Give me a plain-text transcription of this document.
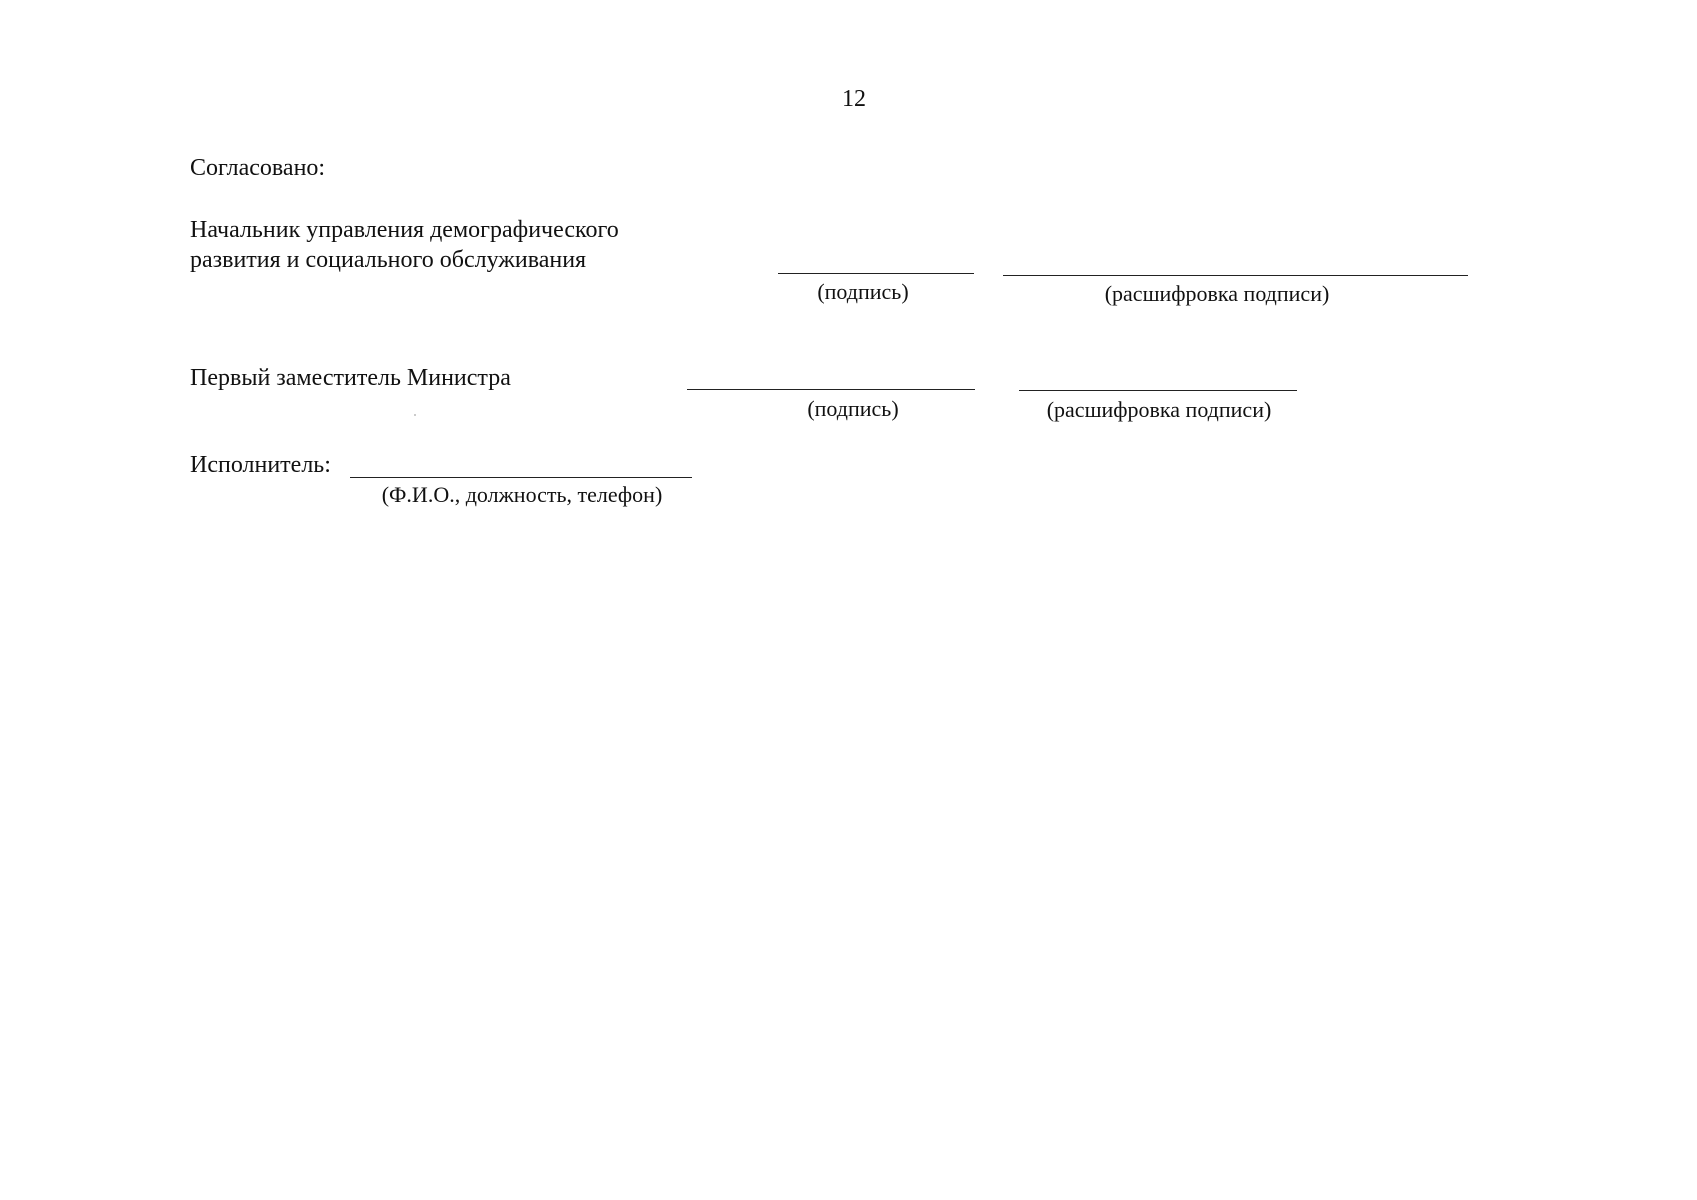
12
Согласовано:
Начальник управления демографического
развития и социального обслуживания
(подпись)	(расшифровка подписи)
Первый заместитель Министра
(подпись)	(расшифровка подписи)
Исполнитель:
(Ф.И.О., должность, телефон)
